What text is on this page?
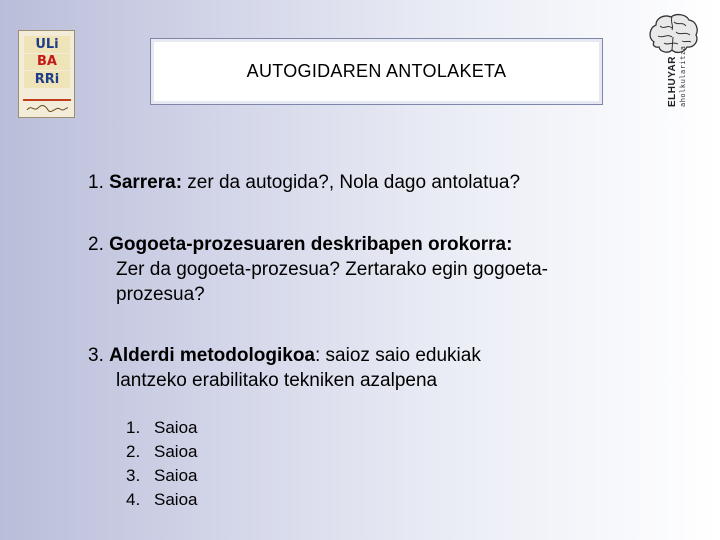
ULi
BA
RRi	AUTOGIDAREN ANTOLAKETA	ELHUYAR aholkularitza
1. Sarrera: zer da autogida?, Nola dago antolatua?
2. Gogoeta-prozesuaren deskribapen orokorra:
Zer da gogoeta-prozesua? Zertarako egin gogoeta-
prozesua?
3. Alderdi metodologikoa: saioz saio edukiak
lantzeko erabilitako tekniken azalpena
1. Saioa
2. Saioa
3. Saioa
4. Saioa
